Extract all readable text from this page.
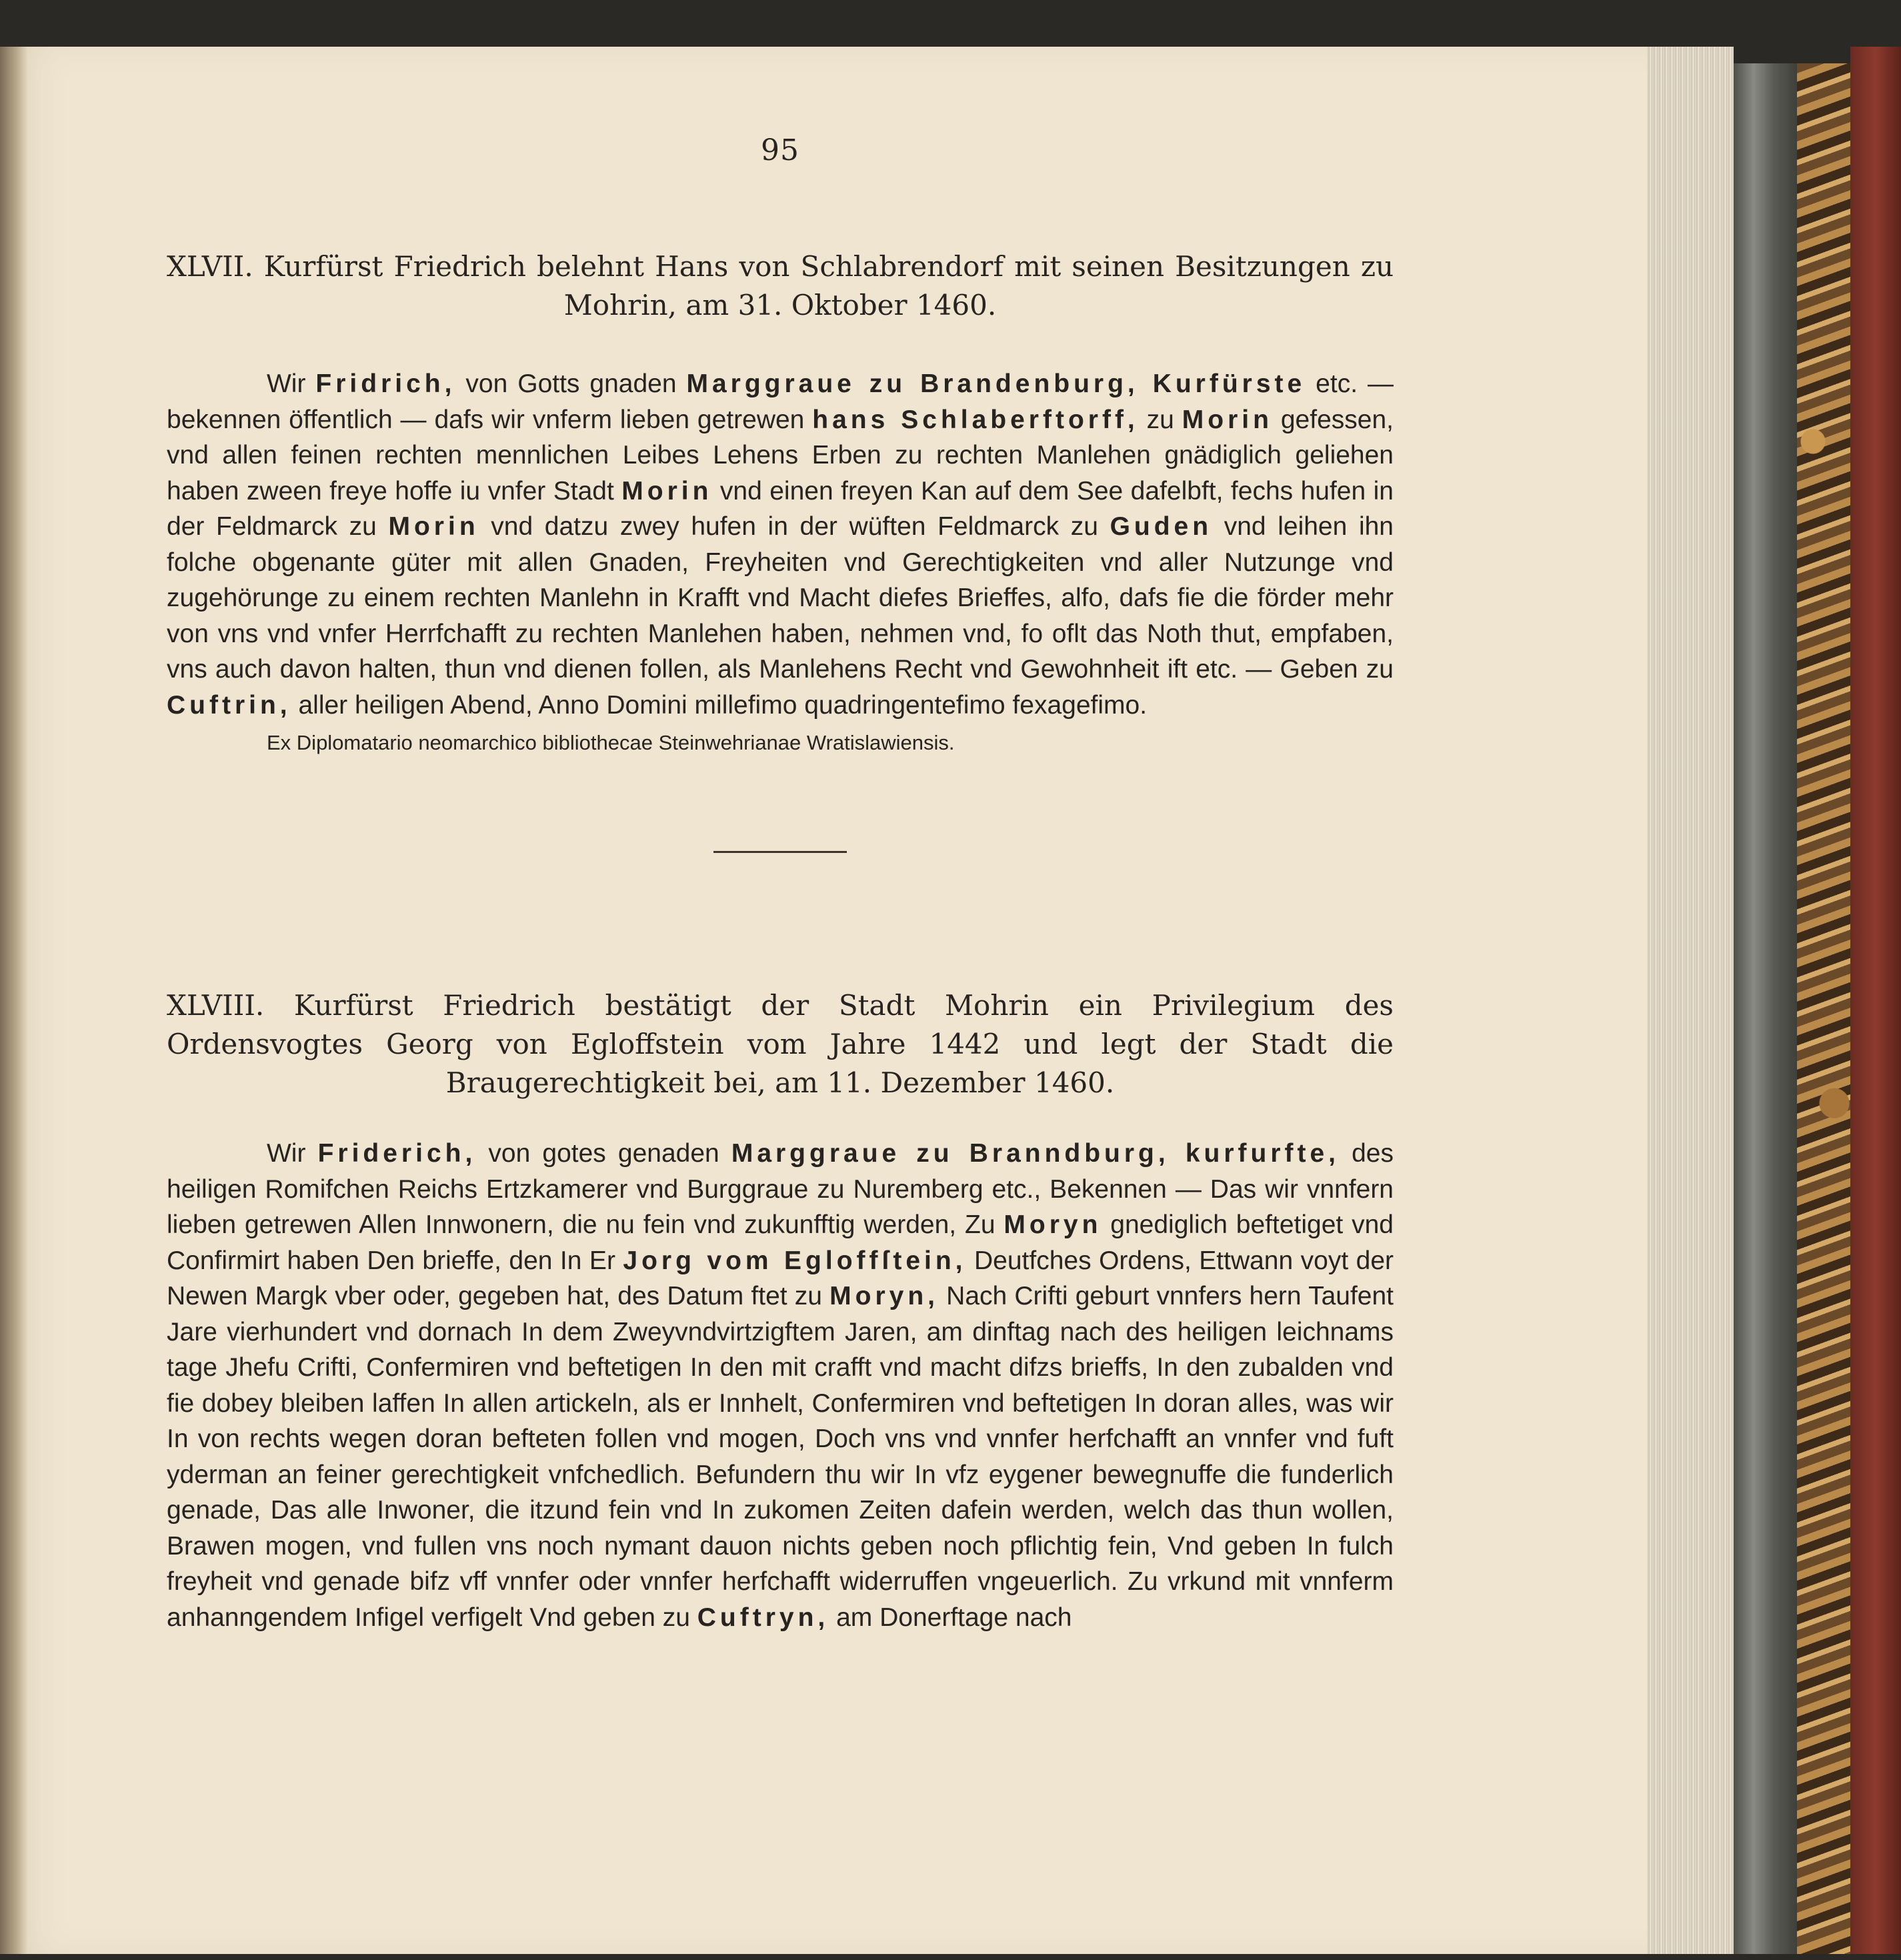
95
XLVII. Kurfürst Friedrich belehnt Hans von Schlabrendorf mit seinen Besitzungen zu Mohrin, am 31. Oktober 1460.

Wir Fridrich, von Gotts gnaden Marggraue zu Brandenburg, Kurfürste etc. — bekennen öffentlich — dafs wir vnferm lieben getrewen hans Schlaberftorff, zu Morin gefessen, vnd allen feinen rechten mennlichen Leibes Lehens Erben zu rechten Manlehen gnädiglich geliehen haben zween freye hoffe iu vnfer Stadt Morin vnd einen freyen Kan auf dem See dafelbft, fechs hufen in der Feldmarck zu Morin vnd datzu zwey hufen in der wüften Feldmarck zu Guden vnd leihen ihn folche obgenante güter mit allen Gnaden, Freyheiten vnd Gerechtigkeiten vnd aller Nutzunge vnd zugehörunge zu einem rechten Manlehn in Krafft vnd Macht diefes Brieffes, alfo, dafs fie die förder mehr von vns vnd vnfer Herrfchafft zu rechten Manlehen haben, nehmen vnd, fo oflt das Noth thut, empfaben, vns auch davon halten, thun vnd dienen follen, als Manlehens Recht vnd Gewohnheit ift etc. — Geben zu Cuftrin, aller heiligen Abend, Anno Domini millefimo quadringentefimo fexagefimo.

Ex Diplomatario neomarchico bibliothecae Steinwehrianae Wratislawiensis.
XLVIII. Kurfürst Friedrich bestätigt der Stadt Mohrin ein Privilegium des Ordensvogtes Georg von Egloffstein vom Jahre 1442 und legt der Stadt die Braugerechtigkeit bei, am 11. Dezember 1460.

Wir Friderich, von gotes genaden Marggraue zu Branndburg, kurfurfte, des heiligen Romifchen Reichs Ertzkamerer vnd Burggraue zu Nuremberg etc., Bekennen — Das wir vnnfern lieben getrewen Allen Innwonern, die nu fein vnd zukunfftig werden, Zu Moryn gnediglich beftetiget vnd Confirmirt haben Den brieffe, den In Er Jorg vom Egloffſtein, Deutfches Ordens, Ettwann voyt der Newen Margk vber oder, gegeben hat, des Datum ftet zu Moryn, Nach Crifti geburt vnnfers hern Taufent Jare vierhundert vnd dornach In dem Zweyvndvirtzigftem Jaren, am dinftag nach des heiligen leichnams tage Jhefu Crifti, Confermiren vnd beftetigen In den mit crafft vnd macht difzs brieffs, In den zubalden vnd fie dobey bleiben laffen In allen artickeln, als er Innhelt, Confermiren vnd beftetigen In doran alles, was wir In von rechts wegen doran befteten follen vnd mogen, Doch vns vnd vnnfer herfchafft an vnnfer vnd fuft yderman an feiner gerechtigkeit vnfchedlich. Befundern thu wir In vfz eygener bewegnuffe die funderlich genade, Das alle Inwoner, die itzund fein vnd In zukomen Zeiten dafein werden, welch das thun wollen, Brawen mogen, vnd fullen vns noch nymant dauon nichts geben noch pflichtig fein, Vnd geben In fulch freyheit vnd genade bifz vff vnnfer oder vnnfer herfchafft widerruffen vngeuerlich. Zu vrkund mit vnnferm anhanngendem Infigel verfigelt Vnd geben zu Cuftryn, am Donerftage nach
